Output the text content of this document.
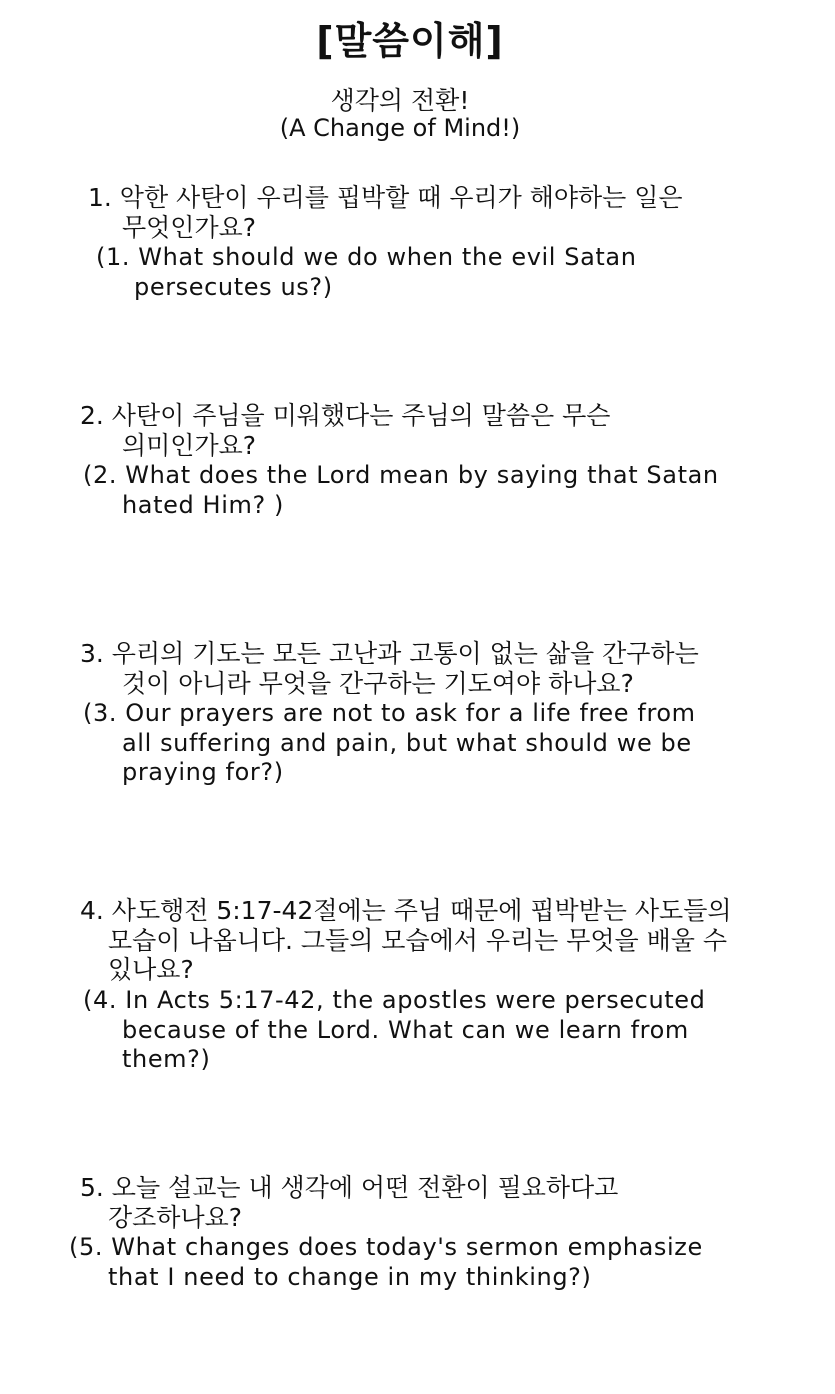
[말씀이해]
생각의 전환!
(A Change of Mind!)
1. 악한 사탄이 우리를 핍박할 때 우리가 해야하는 일은
무엇인가요?
(1. What should we do when the evil Satan
persecutes us?)
2. 사탄이 주님을 미워했다는 주님의 말씀은 무슨
의미인가요?
(2. What does the Lord mean by saying that Satan
hated Him? )
3. 우리의 기도는 모든 고난과 고통이 없는 삶을 간구하는
것이 아니라 무엇을 간구하는 기도여야 하나요?
(3. Our prayers are not to ask for a life free from
all suffering and pain, but what should we be
praying for?)
4. 사도행전 5:17-42절에는 주님 때문에 핍박받는 사도들의
모습이 나옵니다. 그들의 모습에서 우리는 무엇을 배울 수
있나요?
(4. In Acts 5:17-42, the apostles were persecuted
because of the Lord. What can we learn from
them?)
5. 오늘 설교는 내 생각에 어떤 전환이 필요하다고
강조하나요?
(5. What changes does today's sermon emphasize
that I need to change in my thinking?)
